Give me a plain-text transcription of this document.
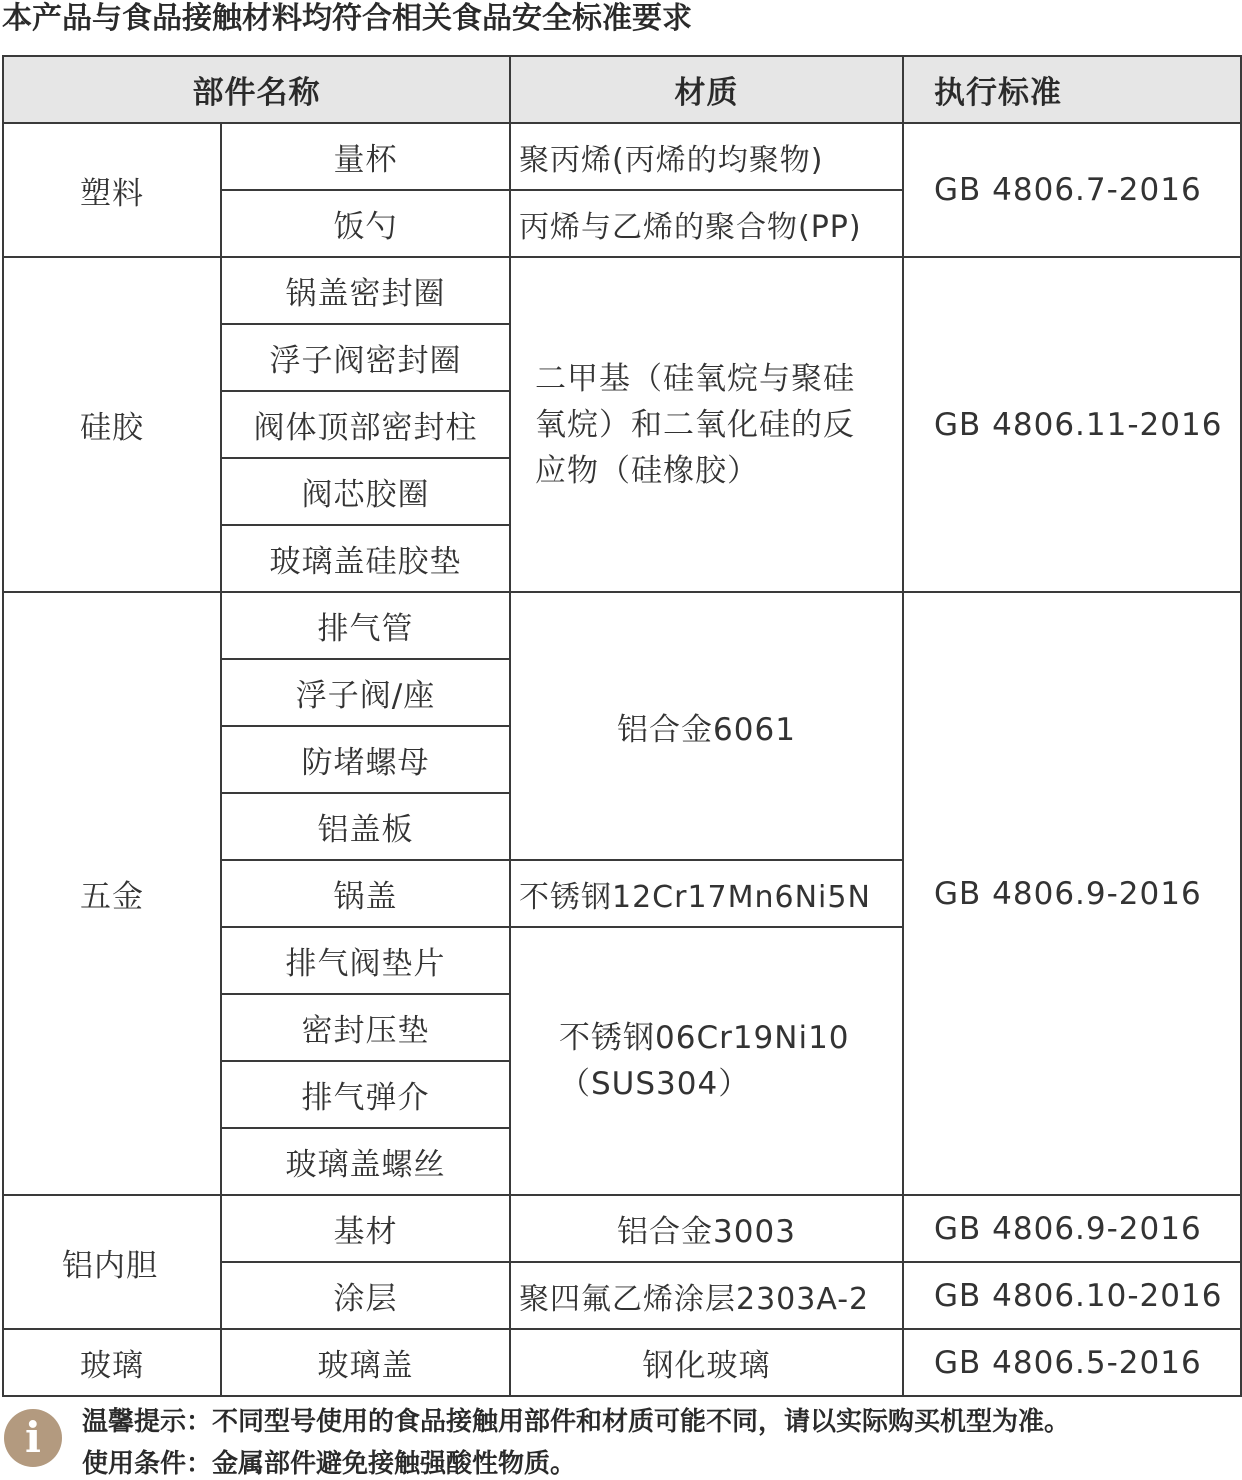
本产品与食品接触材料均符合相关食品安全标准要求
部件名称		材质	执行标准
塑料	量杯	聚丙烯(丙烯的均聚物)	GB 4806.7-2016
	饭勺	丙烯与乙烯的聚合物(PP)	
硅胶	锅盖密封圈	二甲基（硅氧烷与聚硅氧烷）和二氧化硅的反应物（硅橡胶）	GB 4806.11-2016
	浮子阀密封圈		
	阀体顶部密封柱		
	阀芯胶圈		
	玻璃盖硅胶垫		
五金	排气管	铝合金6061	GB 4806.9-2016
	浮子阀/座		
	防堵螺母		
	铝盖板		
	锅盖	不锈钢12Cr17Mn6Ni5N	
	排气阀垫片	不锈钢06Cr19Ni10 （SUS304）	

	密封压垫		
	排气弹介		
	玻璃盖螺丝		
铝内胆	基材	铝合金3003	GB 4806.9-2016
	涂层	聚四氟乙烯涂层2303A-2	GB 4806.10-2016
玻璃	玻璃盖	钢化玻璃	GB 4806.5-2016
i	温馨提示：不同型号使用的食品接触用部件和材质可能不同，请以实际购买机型为准。
使用条件：金属部件避免接触强酸性物质。
